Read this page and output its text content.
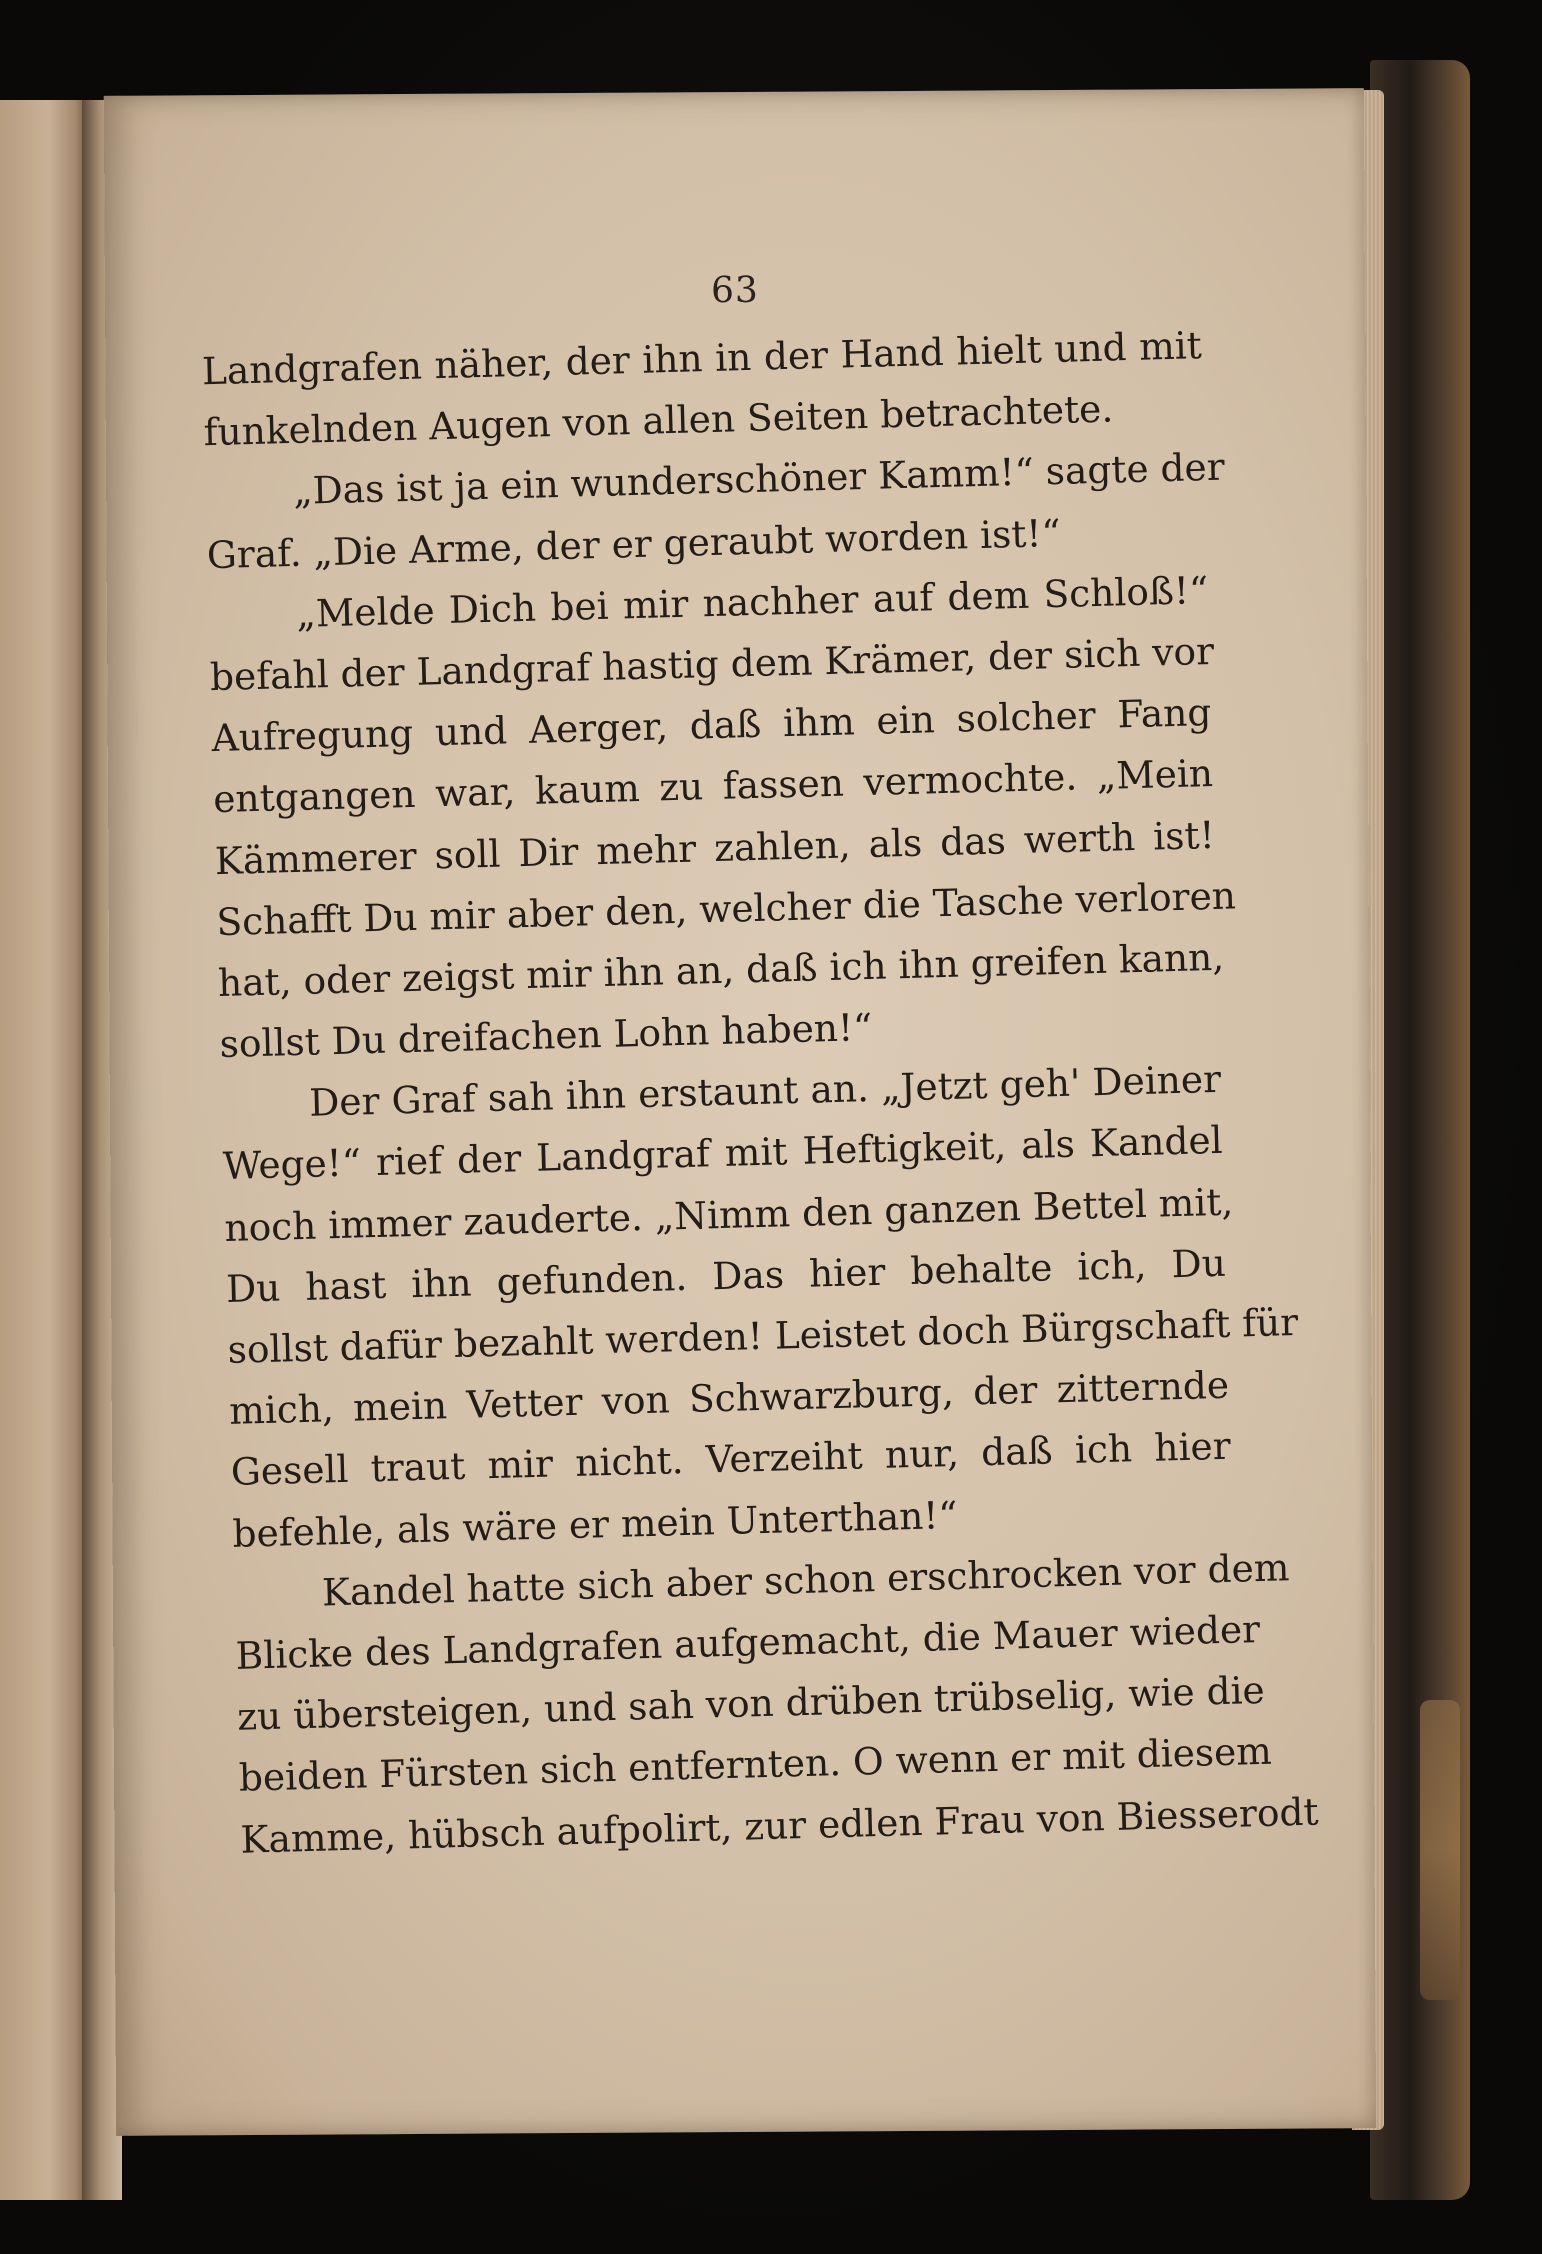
63
Landgrafen näher, der ihn in der Hand hielt und mit
funkelnden Augen von allen Seiten betrachtete.
„Das ist ja ein wunderschöner Kamm!“ sagte der
Graf. „Die Arme, der er geraubt worden ist!“
„Melde Dich bei mir nachher auf dem Schloß!“
befahl der Landgraf hastig dem Krämer, der sich vor
Aufregung und Aerger, daß ihm ein solcher Fang
entgangen war, kaum zu fassen vermochte. „Mein
Kämmerer soll Dir mehr zahlen, als das werth ist!
Schafft Du mir aber den, welcher die Tasche verloren
hat, oder zeigst mir ihn an, daß ich ihn greifen kann,
sollst Du dreifachen Lohn haben!“
Der Graf sah ihn erstaunt an. „Jetzt geh' Deiner
Wege!“ rief der Landgraf mit Heftigkeit, als Kandel
noch immer zauderte. „Nimm den ganzen Bettel mit,
Du hast ihn gefunden. Das hier behalte ich, Du
sollst dafür bezahlt werden! Leistet doch Bürgschaft für
mich, mein Vetter von Schwarzburg, der zitternde
Gesell traut mir nicht. Verzeiht nur, daß ich hier
befehle, als wäre er mein Unterthan!“
Kandel hatte sich aber schon erschrocken vor dem
Blicke des Landgrafen aufgemacht, die Mauer wieder
zu übersteigen, und sah von drüben trübselig, wie die
beiden Fürsten sich entfernten. O wenn er mit diesem
Kamme, hübsch aufpolirt, zur edlen Frau von Biesserodt
